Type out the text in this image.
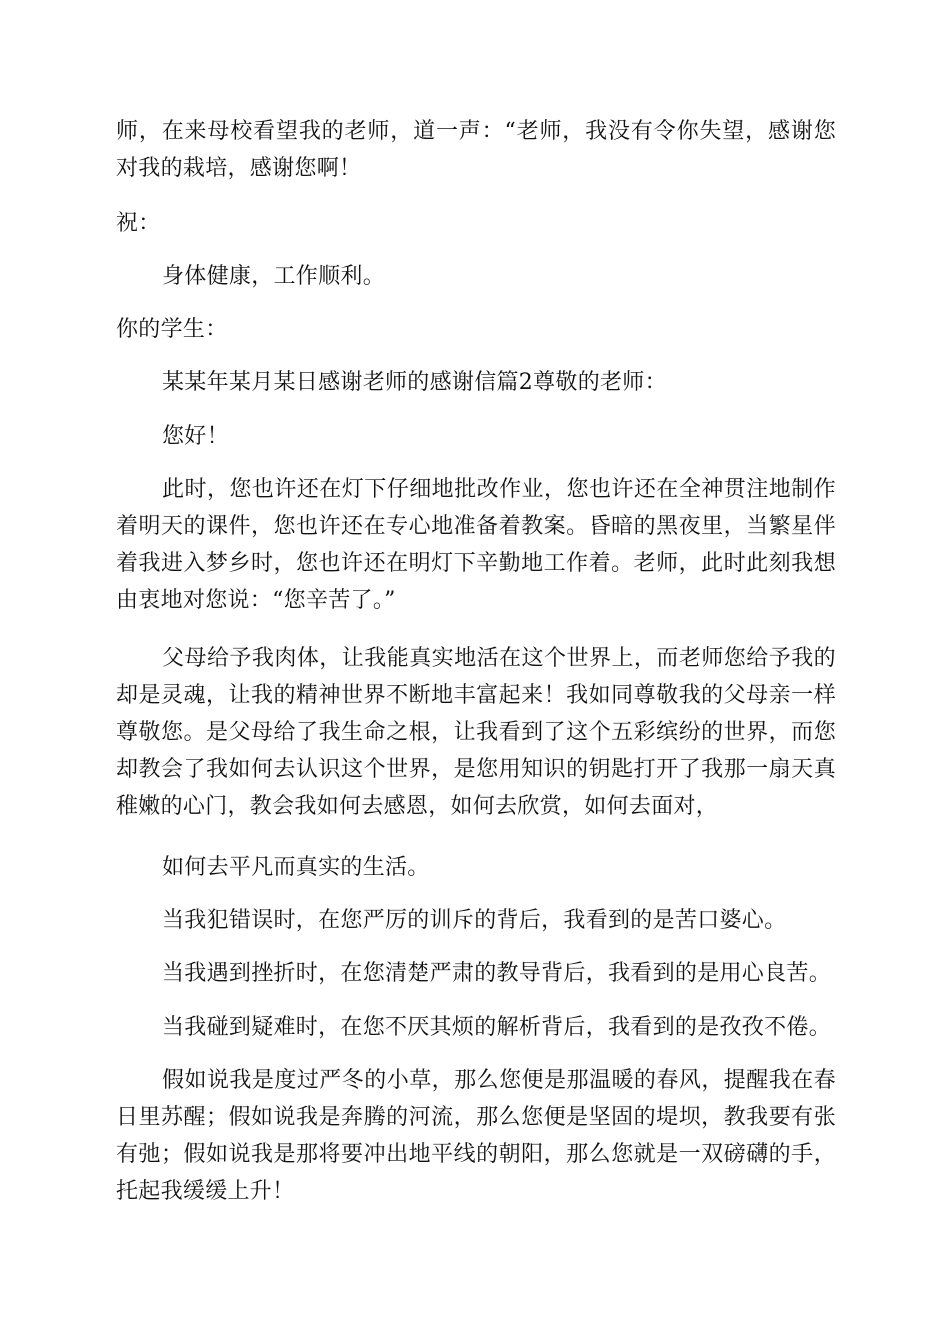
师，在来母校看望我的老师，道一声：“老师，我没有令你失望，感谢您对我的栽培，感谢您啊！

祝：

身体健康，工作顺利。

你的学生：

某某年某月某日感谢老师的感谢信篇2尊敬的老师：

您好！

此时，您也许还在灯下仔细地批改作业，您也许还在全神贯注地制作着明天的课件，您也许还在专心地准备着教案。昏暗的黑夜里，当繁星伴着我进入梦乡时，您也许还在明灯下辛勤地工作着。老师，此时此刻我想由衷地对您说：“您辛苦了。”

父母给予我肉体，让我能真实地活在这个世界上，而老师您给予我的却是灵魂，让我的精神世界不断地丰富起来！我如同尊敬我的父母亲一样尊敬您。是父母给了我生命之根，让我看到了这个五彩缤纷的世界，而您却教会了我如何去认识这个世界，是您用知识的钥匙打开了我那一扇天真稚嫩的心门，教会我如何去感恩，如何去欣赏，如何去面对，

如何去平凡而真实的生活。

当我犯错误时，在您严厉的训斥的背后，我看到的是苦口婆心。

当我遇到挫折时，在您清楚严肃的教导背后，我看到的是用心良苦。

当我碰到疑难时，在您不厌其烦的解析背后，我看到的是孜孜不倦。

假如说我是度过严冬的小草，那么您便是那温暖的春风，提醒我在春日里苏醒；假如说我是奔腾的河流，那么您便是坚固的堤坝，教我要有张有弛；假如说我是那将要冲出地平线的朝阳，那么您就是一双磅礴的手，托起我缓缓上升！
